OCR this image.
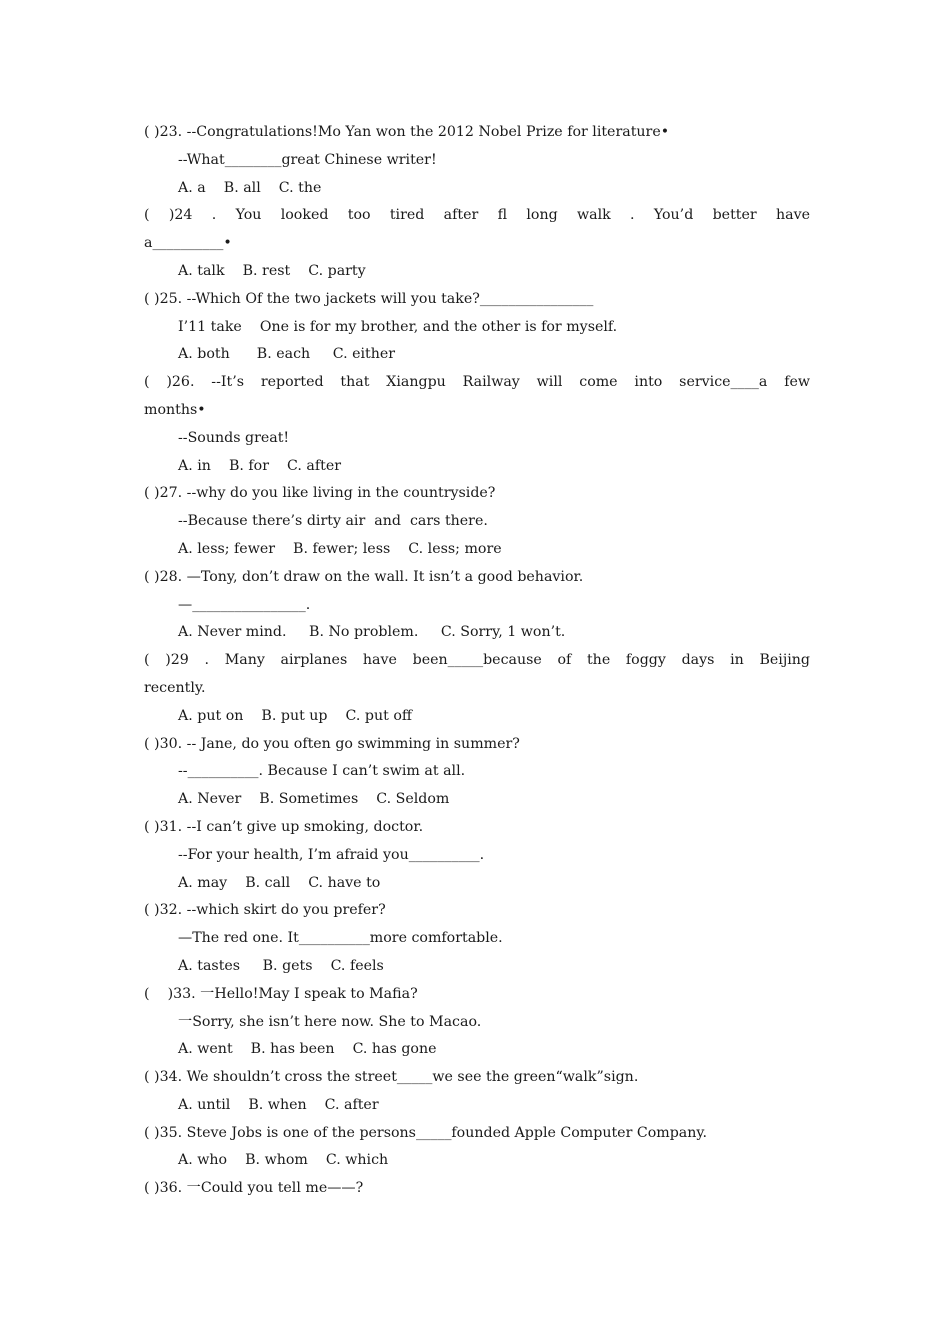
( )23. --Congratulations!Mo Yan won the 2012 Nobel Prize for literature•
--What________great Chinese writer!
A. a    B. all    C. the
( )24 . You looked too tired after fl long walk . You’d better have
a__________•
A. talk    B. rest    C. party
( )25. --Which Of the two jackets will you take?________________
I’11 take    One is for my brother, and the other is for myself.
A. both      B. each     C. either
( )26. --It’s reported that Xiangpu Railway will come into service____a few
months•
--Sounds great!
A. in    B. for    C. after
( )27. --why do you like living in the countryside?
--Because there’s dirty air  and  cars there.
A. less; fewer    B. fewer; less    C. less; more
( )28. —Tony, don’t draw on the wall. It isn’t a good behavior.
—________________.
A. Never mind.     B. No problem.     C. Sorry, 1 won’t.
( )29 . Many airplanes have been_____because of the foggy days in Beijing
recently.
A. put on    B. put up    C. put off
( )30. -- Jane, do you often go swimming in summer?
--__________. Because I can’t swim at all.
A. Never    B. Sometimes    C. Seldom
( )31. --I can’t give up smoking, doctor.
--For your health, I’m afraid you__________.
A. may    B. call    C. have to
( )32. --which skirt do you prefer?
—The red one. It__________more comfortable.
A. tastes     B. gets    C. feels
(    )33. 一Hello!May I speak to Mafia?
一Sorry, she isn’t here now. She to Macao.
A. went    B. has been    C. has gone
( )34. We shouldn’t cross the street_____we see the green“walk”sign.
A. until    B. when    C. after
( )35. Steve Jobs is one of the persons_____founded Apple Computer Company.
A. who    B. whom    C. which
( )36. 一Could you tell me——?
